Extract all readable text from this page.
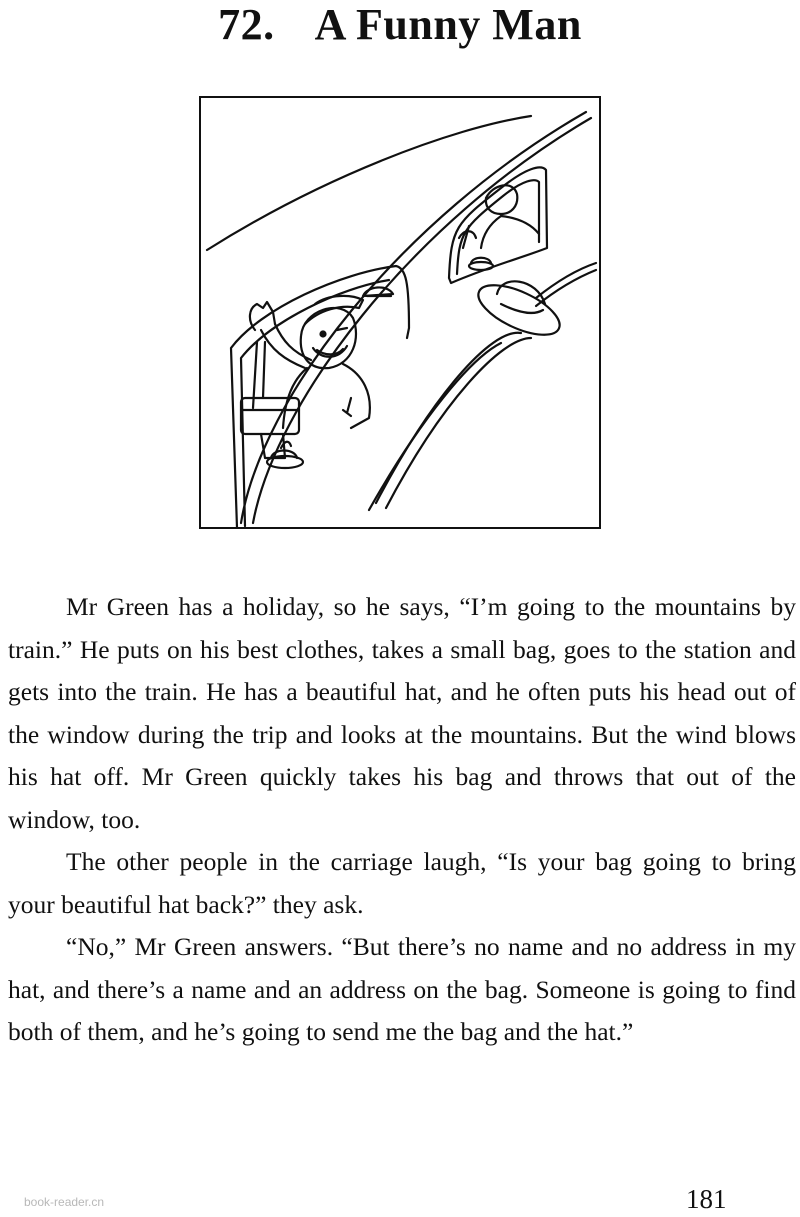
72. A Funny Man

Mr Green has a holiday, so he says, “I’m going to the mountains by train.” He puts on his best clothes, takes a small bag, goes to the station and gets into the train. He has a beautiful hat, and he often puts his head out of the window during the trip and looks at the mountains. But the wind blows his hat off. Mr Green quickly takes his bag and throws that out of the window, too.

The other people in the carriage laugh, “Is your bag going to bring your beautiful hat back?” they ask.

“No,” Mr Green answers. “But there’s no name and no address in my hat, and there’s a name and an address on the bag. Someone is going to find both of them, and he’s going to send me the bag and the hat.”

book-reader.cn	181
